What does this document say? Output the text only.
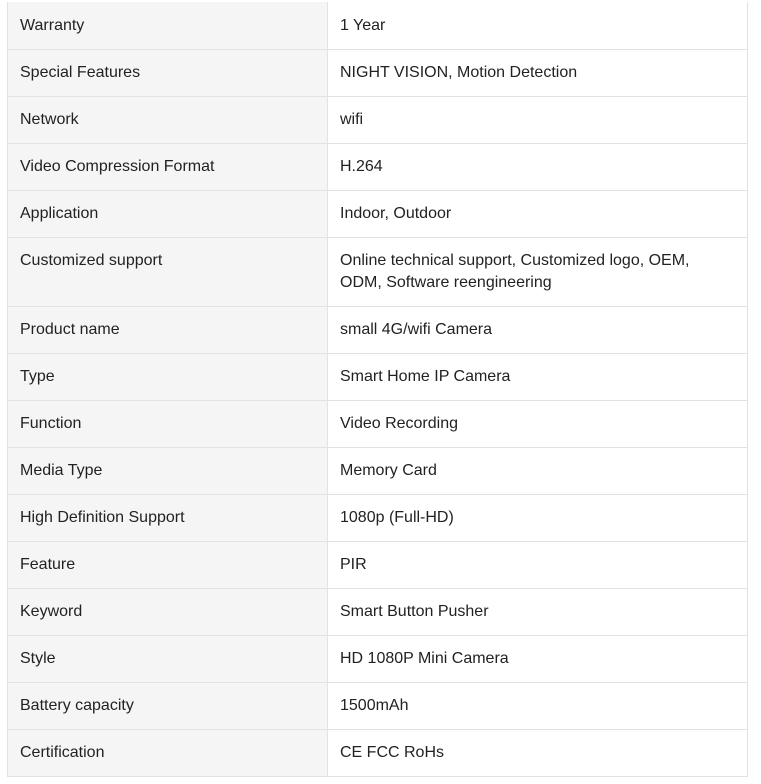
Warranty	1 Year
Special Features	NIGHT VISION, Motion Detection
Network	wifi
Video Compression Format	H.264
Application	Indoor, Outdoor
Customized support	Online technical support, Customized logo, OEM, ODM, Software reengineering
Product name	small 4G/wifi Camera
Type	Smart Home IP Camera
Function	Video Recording
Media Type	Memory Card
High Definition Support	1080p (Full-HD)
Feature	PIR
Keyword	Smart Button Pusher
Style	HD 1080P Mini Camera
Battery capacity	1500mAh
Certification	CE FCC RoHs
